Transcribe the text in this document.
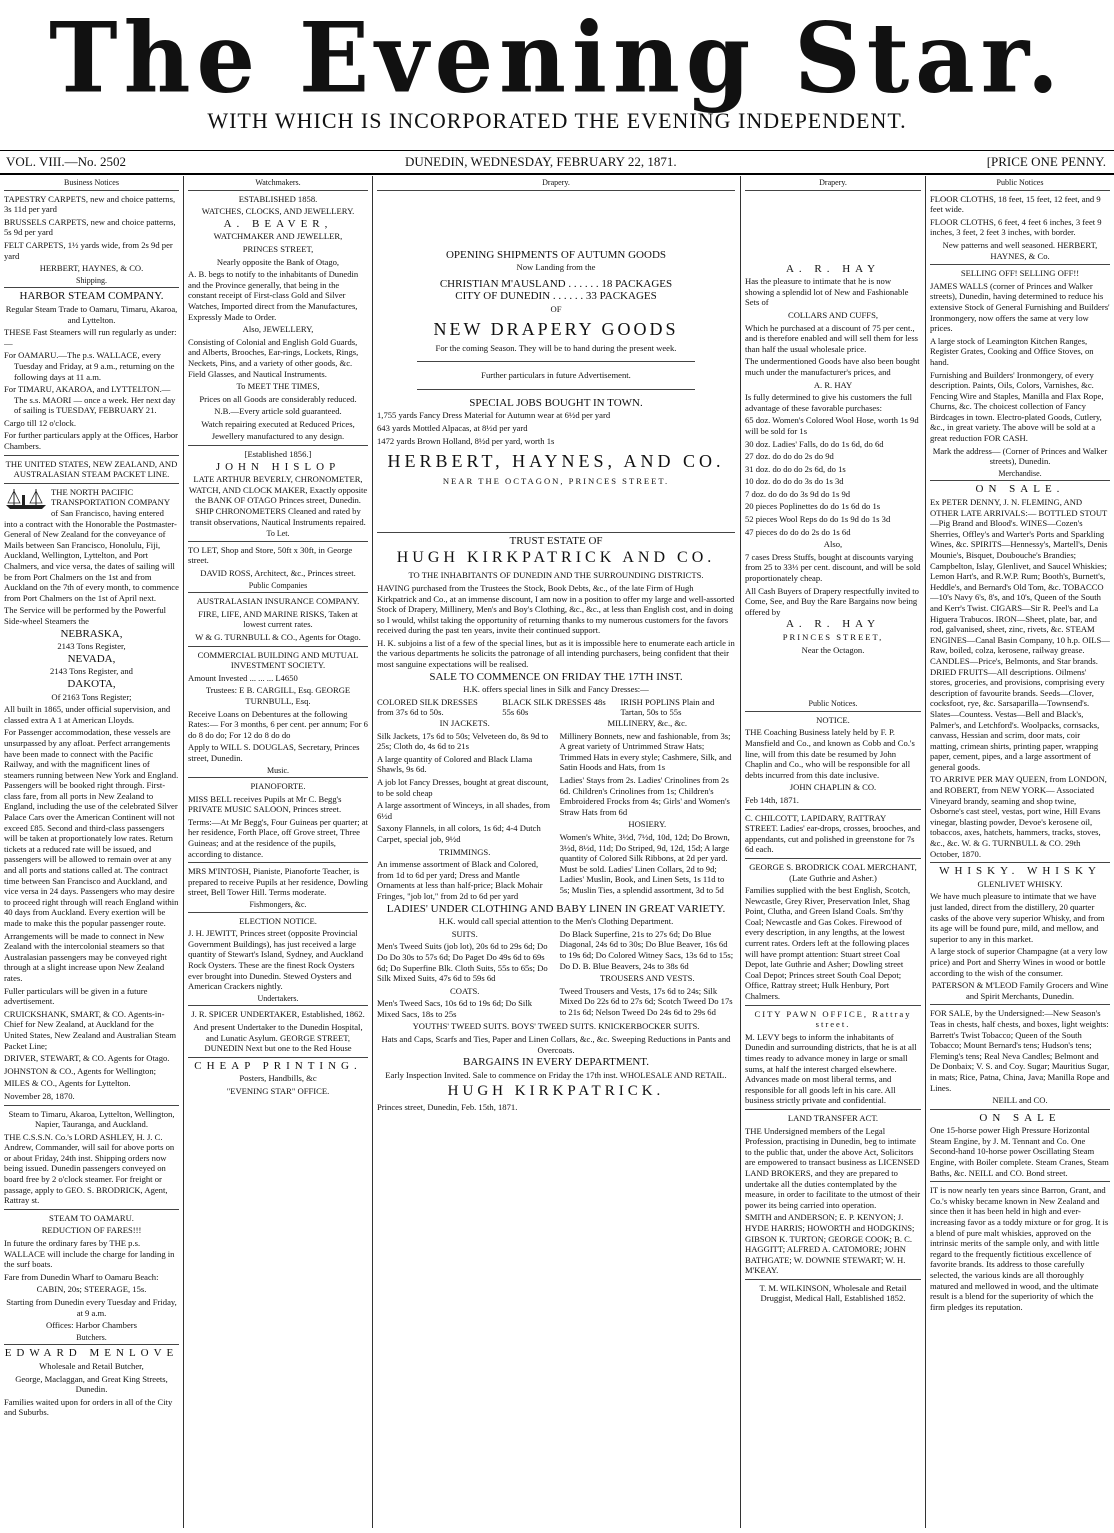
The Evening Star.
WITH WHICH IS INCORPORATED THE EVENING INDEPENDENT.
VOL. VIII.—No. 2502	DUNEDIN, WEDNESDAY, FEBRUARY 22, 1871.	[PRICE ONE PENNY.
Business Notices

TAPESTRY CARPETS, new and choice patterns, 3s 11d per yard

BRUSSELS CARPETS, new and choice patterns, 5s 9d per yard

FELT CARPETS, 1½ yards wide, from 2s 9d per yard

HERBERT, HAYNES, & CO.

Shipping.

HARBOR STEAM COMPANY.

Regular Steam Trade to Oamaru, Timaru, Akaroa, and Lyttelton.

THESE Fast Steamers will run regularly as under:—

For OAMARU.—The p.s. WALLACE, every Tuesday and Friday, at 9 a.m., returning on the following days at 11 a.m.

For TIMARU, AKAROA, and LYTTELTON.—The s.s. MAORI — once a week. Her next day of sailing is TUESDAY, FEBRUARY 21.

Cargo till 12 o'clock.

For further particulars apply at the Offices, Harbor Chambers.

THE UNITED STATES, NEW ZEALAND, AND AUSTRALASIAN STEAM PACKET LINE.

THE NORTH PACIFIC TRANSPORTATION COMPANY of San Francisco, having entered into a contract with the Honorable the Postmaster-General of New Zealand for the conveyance of Mails between San Francisco, Honolulu, Fiji, Auckland, Wellington, Lyttelton, and Port Chalmers, and vice versa, the dates of sailing will be from Port Chalmers on the 1st and from Auckland on the 7th of every month, to commence from Port Chalmers on the 1st of April next.

The Service will be performed by the Powerful Side-wheel Steamers the

NEBRASKA,

2143 Tons Register,

NEVADA,

2143 Tons Register, and

DAKOTA,

Of 2163 Tons Register;

All built in 1865, under official supervision, and classed extra A 1 at American Lloyds.

For Passenger accommodation, these vessels are unsurpassed by any afloat. Perfect arrangements have been made to connect with the Pacific Railway, and with the magnificent lines of steamers running between New York and England. Passengers will be booked right through. First-class fare, from all ports in New Zealand to England, including the use of the celebrated Silver Palace Cars over the American Continent will not exceed £85. Second and third-class passengers will be taken at proportionately low rates. Return tickets at a reduced rate will be issued, and passengers will be allowed to remain over at any and all ports and stations called at. The contract time between San Francisco and Auckland, and vice versa in 24 days. Passengers who may desire to proceed right through will reach England within 40 days from Auckland. Every exertion will be made to make this the popular passenger route.

Arrangements will be made to connect in New Zealand with the intercolonial steamers so that Australasian passengers may be conveyed right through at a slight increase upon New Zealand rates.

Fuller particulars will be given in a future advertisement.

CRUICKSHANK, SMART, & CO. Agents-in-Chief for New Zealand, at Auckland for the United States, New Zealand and Australian Steam Packet Line;

DRIVER, STEWART, & CO. Agents for Otago.

JOHNSTON & CO., Agents for Wellington;

MILES & CO., Agents for Lyttelton.

November 28, 1870.

Steam to Timaru, Akaroa, Lyttelton, Wellington, Napier, Tauranga, and Auckland.

THE C.S.S.N. Co.'s LORD ASHLEY, H. J. C. Andrew, Commander, will sail for above ports on or about Friday, 24th inst. Shipping orders now being issued. Dunedin passengers conveyed on board free by 2 o'clock steamer. For freight or passage, apply to GEO. S. BRODRICK, Agent, Rattray st.

STEAM TO OAMARU.

REDUCTION OF FARES!!!

In future the ordinary fares by THE p.s. WALLACE will include the charge for landing in the surf boats.

Fare from Dunedin Wharf to Oamaru Beach:

CABIN, 20s; STEERAGE, 15s.

Starting from Dunedin every Tuesday and Friday, at 9 a.m.

Offices: Harbor Chambers

Butchers.

EDWARD MENLOVE

Wholesale and Retail Butcher,

George, Maclaggan, and Great King Streets, Dunedin.

Families waited upon for orders in all of the City and Suburbs.

Watchmakers.

ESTABLISHED 1858.

WATCHES, CLOCKS, AND JEWELLERY.

A. BEAVER,

WATCHMAKER AND JEWELLER,

PRINCES STREET,

Nearly opposite the Bank of Otago,

A. B. begs to notify to the inhabitants of Dunedin and the Province generally, that being in the constant receipt of First-class Gold and Silver Watches, Imported direct from the Manufactures, Expressly Made to Order.

Also, JEWELLERY,

Consisting of Colonial and English Gold Guards, and Alberts, Brooches, Ear-rings, Lockets, Rings, Neckets, Pins, and a variety of other goods, &c. Field Glasses, and Nautical Instruments.

To MEET THE TIMES,

Prices on all Goods are considerably reduced.

N.B.—Every article sold guaranteed.

Watch repairing executed at Reduced Prices,

Jewellery manufactured to any design.

[Established 1856.]

JOHN HISLOP

LATE ARTHUR BEVERLY, CHRONOMETER, WATCH, AND CLOCK MAKER, Exactly opposite the BANK OF OTAGO Princes street, Dunedin. SHIP CHRONOMETERS Cleaned and rated by transit observations, Nautical Instruments repaired.

To Let.

TO LET, Shop and Store, 50ft x 30ft, in George street.

DAVID ROSS, Architect, &c., Princes street.

Public Companies

AUSTRALASIAN INSURANCE COMPANY.

FIRE, LIFE, AND MARINE RISKS, Taken at lowest current rates.

W & G. TURNBULL & CO., Agents for Otago.

COMMERCIAL BUILDING AND MUTUAL INVESTMENT SOCIETY.

Amount Invested ... ... ... L4650

Trustees: E B. CARGILL, Esq. GEORGE TURNBULL, Esq.

Receive Loans on Debentures at the following Rates:— For 3 months, 6 per cent. per annum; For 6 do 8 do do; For 12 do 8 do do

Apply to WILL S. DOUGLAS, Secretary, Princes street, Dunedin.

Music.

PIANOFORTE.

MISS BELL receives Pupils at Mr C. Begg's PRIVATE MUSIC SALOON, Princes street.

Terms:—At Mr Begg's, Four Guineas per quarter; at her residence, Forth Place, off Grove street, Three Guineas; and at the residence of the pupils, according to distance.

MRS M'INTOSH, Pianiste, Pianoforte Teacher, is prepared to receive Pupils at her residence, Dowling street, Bell Tower Hill. Terms moderate.

Fishmongers, &c.

ELECTION NOTICE.

J. H. JEWITT, Princes street (opposite Provincial Government Buildings), has just received a large quantity of Stewart's Island, Sydney, and Auckland Rock Oysters. These are the finest Rock Oysters ever brought into Dunedin. Stewed Oysters and American Crackers nightly.

Undertakers.

J. R. SPICER UNDERTAKER, Established, 1862.

And present Undertaker to the Dunedin Hospital, and Lunatic Asylum. GEORGE STREET, DUNEDIN Next but one to the Red House

CHEAP PRINTING.

Posters, Handbills, &c

"EVENING STAR" OFFICE.

Drapery.

OPENING SHIPMENTS OF AUTUMN GOODS

Now Landing from the

CHRISTIAN M'AUSLAND . . . . . . 18 PACKAGES

CITY OF DUNEDIN . . . . . . 33 PACKAGES

OF

NEW DRAPERY GOODS

For the coming Season. They will be to hand during the present week.

Further particulars in future Advertisement.

SPECIAL JOBS BOUGHT IN TOWN.

1,755 yards Fancy Dress Material for Autumn wear at 6½d per yard

643 yards Mottled Alpacas, at 8½d per yard

1472 yards Brown Holland, 8½d per yard, worth 1s

HERBERT, HAYNES, AND CO.

NEAR THE OCTAGON, PRINCES STREET.

TRUST ESTATE OF

HUGH KIRKPATRICK AND CO.

TO THE INHABITANTS OF DUNEDIN AND THE SURROUNDING DISTRICTS.

HAVING purchased from the Trustees the Stock, Book Debts, &c., of the late Firm of Hugh Kirkpatrick and Co., at an immense discount, I am now in a position to offer my large and well-assorted Stock of Drapery, Millinery, Men's and Boy's Clothing, &c., &c., at less than English cost, and in doing so I would, whilst taking the opportunity of returning thanks to my numerous customers for the favors received during the past ten years, invite their continued support.

H. K. subjoins a list of a few of the special lines, but as it is impossible here to enumerate each article in the various departments he solicits the patronage of all intending purchasers, being confident that their most sanguine expectations will be realised.

SALE TO COMMENCE ON FRIDAY THE 17TH INST.

H.K. offers special lines in Silk and Fancy Dresses:—

COLORED SILK DRESSES from 37s 6d to 50s.
BLACK SILK DRESSES 48s 55s 60s
IRISH POPLINS Plain and Tartan, 50s to 55s

IN JACKETS.

Silk Jackets, 17s 6d to 50s; Velveteen do, 8s 9d to 25s; Cloth do, 4s 6d to 21s

A large quantity of Colored and Black Llama Shawls, 9s 6d.

A job lot Fancy Dresses, bought at great discount, to be sold cheap

A large assortment of Winceys, in all shades, from 6½d

Saxony Flannels, in all colors, 1s 6d; 4-4 Dutch Carpet, special job, 9½d

TRIMMINGS.

An immense assortment of Black and Colored, from 1d to 6d per yard; Dress and Mantle Ornaments at less than half-price; Black Mohair Fringes, "job lot," from 2d to 6d per yard

MILLINERY, &c., &c.

Millinery Bonnets, new and fashionable, from 3s; A great variety of Untrimmed Straw Hats; Trimmed Hats in every style; Cashmere, Silk, and Satin Hoods and Hats, from 1s

Ladies' Stays from 2s. Ladies' Crinolines from 2s 6d. Children's Crinolines from 1s; Children's Embroidered Frocks from 4s; Girls' and Women's Straw Hats from 6d

HOSIERY.

Women's White, 3½d, 7½d, 10d, 12d; Do Brown, 3½d, 8½d, 11d; Do Striped, 9d, 12d, 15d; A large quantity of Colored Silk Ribbons, at 2d per yard. Must be sold. Ladies' Linen Collars, 2d to 9d; Ladies' Muslin, Book, and Linen Sets, 1s 11d to 5s; Muslin Ties, a splendid assortment, 3d to 5d

LADIES' UNDER CLOTHING AND BABY LINEN IN GREAT VARIETY.

H.K. would call special attention to the Men's Clothing Department.

SUITS.

Men's Tweed Suits (job lot), 20s 6d to 29s 6d; Do Do Do 30s to 57s 6d; Do Paget Do 49s 6d to 69s 6d; Do Superfine Blk. Cloth Suits, 55s to 65s; Do Silk Mixed Suits, 47s 6d to 59s 6d

COATS.

Men's Tweed Sacs, 10s 6d to 19s 6d; Do Silk Mixed Sacs, 18s to 25s

Do Black Superfine, 21s to 27s 6d; Do Blue Diagonal, 24s 6d to 30s; Do Blue Beaver, 16s 6d to 19s 6d; Do Colored Witney Sacs, 13s 6d to 15s; Do D. B. Blue Beavers, 24s to 38s 6d

TROUSERS AND VESTS.

Tweed Trousers and Vests, 17s 6d to 24s; Silk Mixed Do 22s 6d to 27s 6d; Scotch Tweed Do 17s to 21s 6d; Nelson Tweed Do 24s 6d to 29s 6d

YOUTHS' TWEED SUITS. BOYS' TWEED SUITS. KNICKERBOCKER SUITS.

Hats and Caps, Scarfs and Ties, Paper and Linen Collars, &c., &c. Sweeping Reductions in Pants and Overcoats.

BARGAINS IN EVERY DEPARTMENT.

Early Inspection Invited. Sale to commence on Friday the 17th inst. WHOLESALE AND RETAIL.

HUGH KIRKPATRICK.

Princes street, Dunedin, Feb. 15th, 1871.

Drapery.

A. R. HAY

Has the pleasure to intimate that he is now showing a splendid lot of New and Fashionable Sets of

COLLARS AND CUFFS,

Which he purchased at a discount of 75 per cent., and is therefore enabled and will sell them for less than half the usual wholesale price.

The undermentioned Goods have also been bought much under the manufacturer's prices, and

A. R. HAY

Is fully determined to give his customers the full advantage of these favorable purchases:

65 doz. Women's Colored Wool Hose, worth 1s 9d will be sold for 1s

30 doz. Ladies' Falls, do do 1s 6d, do 6d

27 doz. do do do 2s do 9d

31 doz. do do do 2s 6d, do 1s

10 doz. do do do 3s do 1s 3d

7 doz. do do do 3s 9d do 1s 9d

20 pieces Poplinettes do do 1s 6d do 1s

52 pieces Wool Reps do do 1s 9d do 1s 3d

47 pieces do do do 2s do 1s 6d

Also,

7 cases Dress Stuffs, bought at discounts varying from 25 to 33⅓ per cent. discount, and will be sold proportionately cheap.

All Cash Buyers of Drapery respectfully invited to Come, See, and Buy the Rare Bargains now being offered by

A. R. HAY

PRINCES STREET,

Near the Octagon.

Public Notices.

NOTICE.

THE Coaching Business lately held by F. P. Mansfield and Co., and known as Cobb and Co.'s line, will from this date be resumed by John Chaplin and Co., who will be responsible for all debts incurred from this date inclusive.

JOHN CHAPLIN & CO.

Feb 14th, 1871.

C. CHILCOTT, LAPIDARY, RATTRAY STREET. Ladies' ear-drops, crosses, brooches, and appendants, cut and polished in greenstone for 7s 6d each.

GEORGE S. BRODRICK COAL MERCHANT, (Late Guthrie and Asher.)

Families supplied with the best English, Scotch, Newcastle, Grey River, Preservation Inlet, Shag Point, Clutha, and Green Island Coals. Sm'thy Coal; Newcastle and Gas Cokes. Firewood of every description, in any lengths, at the lowest current rates. Orders left at the following places will have prompt attention: Stuart street Coal Depot, late Guthrie and Asher; Dowling street Coal Depot; Princes street South Coal Depot; Office, Rattray street; Hulk Henbury, Port Chalmers.

CITY PAWN OFFICE, Rattray street.

M. LEVY begs to inform the inhabitants of Dunedin and surrounding districts, that he is at all times ready to advance money in large or small sums, at half the interest charged elsewhere. Advances made on most liberal terms, and responsible for all goods left in his care. All business strictly private and confidential.

LAND TRANSFER ACT.

THE Undersigned members of the Legal Profession, practising in Dunedin, beg to intimate to the public that, under the above Act, Solicitors are empowered to transact business as LICENSED LAND BROKERS, and they are prepared to undertake all the duties contemplated by the measure, in order to facilitate to the utmost of their power its being carried into operation.

SMITH and ANDERSON; E. P. KENYON; J. HYDE HARRIS; HOWORTH and HODGKINS; GIBSON K. TURTON; GEORGE COOK; B. C. HAGGITT; ALFRED A. CATOMORE; JOHN BATHGATE; W. DOWNIE STEWART; W. H. M'KEAY.

T. M. WILKINSON, Wholesale and Retail Druggist, Medical Hall, Established 1852.

Public Notices

FLOOR CLOTHS, 18 feet, 15 feet, 12 feet, and 9 feet wide.

FLOOR CLOTHS, 6 feet, 4 feet 6 inches, 3 feet 9 inches, 3 feet, 2 feet 3 inches, with border.

New patterns and well seasoned. HERBERT, HAYNES, & Co.

SELLING OFF! SELLING OFF!!

JAMES WALLS (corner of Princes and Walker streets), Dunedin, having determined to reduce his extensive Stock of General Furnishing and Builders' Ironmongery, now offers the same at very low prices.

A large stock of Leamington Kitchen Ranges, Register Grates, Cooking and Office Stoves, on hand.

Furnishing and Builders' Ironmongery, of every description. Paints, Oils, Colors, Varnishes, &c. Fencing Wire and Staples, Manilla and Flax Rope, Churns, &c. The choicest collection of Fancy Birdcages in town. Electro-plated Goods, Cutlery, &c., in great variety. The above will be sold at a great reduction FOR CASH.

Mark the address— (Corner of Princes and Walker streets), Dunedin.

Merchandise.

ON SALE.

Ex PETER DENNY, J. N. FLEMING, AND OTHER LATE ARRIVALS:— BOTTLED STOUT—Pig Brand and Blood's. WINES—Cozen's Sherries, Offley's and Warter's Ports and Sparkling Wines, &c. SPIRITS—Hennessy's, Martell's, Denis Mounie's, Bisquet, Doubouche's Brandies; Campbelton, Islay, Glenlivet, and Saucel Whiskies; Lemon Hart's, and R.W.P. Rum; Booth's, Burnett's, Heddle's, and Bernard's Old Tom, &c. TOBACCO—10's Navy 6's, 8's, and 10's, Queen of the South and Kerr's Twist. CIGARS—Sir R. Peel's and La Higuera Trabucos. IRON—Sheet, plate, bar, and rod, galvanised, sheet, zinc, rivets, &c. STEAM ENGINES—Canal Basin Company, 10 h.p. OILS—Raw, boiled, colza, kerosene, railway grease. CANDLES—Price's, Belmonts, and Star brands. DRIED FRUITS—All descriptions. Oilmens' stores, groceries, and provisions, comprising every description of favourite brands. Seeds—Clover, cocksfoot, rye, &c. Sarsaparilla—Townsend's. Slates—Countess. Vestas—Bell and Black's, Palmer's, and Letchford's. Woolpacks, cornsacks, canvass, Hessian and scrim, door mats, coir matting, crimean shirts, printing paper, wrapping paper, cement, pipes, and a large assortment of general goods.

TO ARRIVE PER MAY QUEEN, from LONDON, and ROBERT, from NEW YORK— Associated Vineyard brandy, seaming and shop twine, Osborne's cast steel, vestas, port wine, Hill Evans vinegar, blasting powder, Devoe's kerosene oil, tobaccos, axes, hatchets, hammers, tracks, stoves, &c., &c. W. & G. TURNBULL & CO. 29th October, 1870.

WHISKY. WHISKY

GLENLIVET WHISKY.

We have much pleasure to intimate that we have just landed, direct from the distillery, 20 quarter casks of the above very superior Whisky, and from its age will be found pure, mild, and mellow, and superior to any in this market.

A large stock of superior Champagne (at a very low price) and Port and Sherry Wines in wood or bottle according to the wish of the consumer.

PATERSON & M'LEOD Family Grocers and Wine and Spirit Merchants, Dunedin.

FOR SALE, by the Undersigned:—New Season's Teas in chests, half chests, and boxes, light weights: Barrett's Twist Tobacco; Queen of the South Tobacco; Mount Bernard's tens; Hudson's tens; Fleming's tens; Real Neva Candles; Belmont and De Donbaix; V. S. and Coy. Sugar; Mauritius Sugar, in mats; Rice, Patna, China, Java; Manilla Rope and Lines.

NEILL and CO.

ON SALE

One 15-horse power High Pressure Horizontal Steam Engine, by J. M. Tennant and Co. One Second-hand 10-horse power Oscillating Steam Engine, with Boiler complete. Steam Cranes, Steam Baths, &c. NEILL and CO. Bond street.

IT is now nearly ten years since Barron, Grant, and Co.'s whisky became known in New Zealand and since then it has been held in high and ever-increasing favor as a toddy mixture or for grog. It is a blend of pure malt whiskies, approved on the intrinsic merits of the sample only, and with little regard to the frequently fictitious excellence of favorite brands. Its address to those carefully selected, the various kinds are all thoroughly matured and mellowed in wood, and the ultimate result is a blend for the superiority of which the firm pledges its reputation.
